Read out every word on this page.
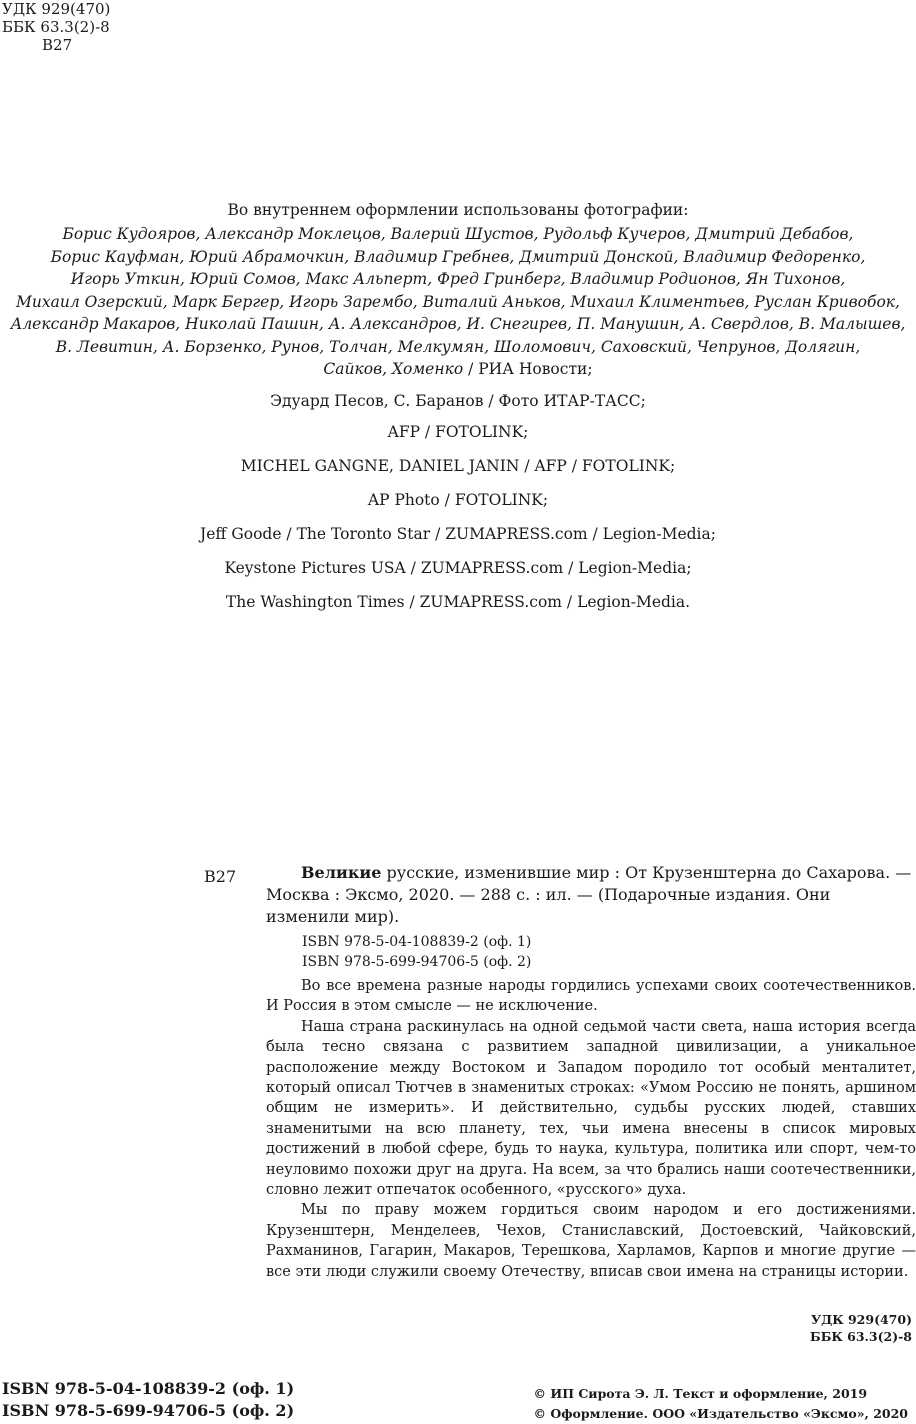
УДК 929(470)
ББК 63.3(2)-8
В27
Во внутреннем оформлении использованы фотографии:
Борис Кудояров, Александр Моклецов, Валерий Шустов, Рудольф Кучеров, Дмитрий Дебабов,
Борис Кауфман, Юрий Абрамочкин, Владимир Гребнев, Дмитрий Донской, Владимир Федоренко,
Игорь Уткин, Юрий Сомов, Макс Альперт, Фред Гринберг, Владимир Родионов, Ян Тихонов,
Михаил Озерский, Марк Бергер, Игорь Зарембо, Виталий Аньков, Михаил Климентьев, Руслан Кривобок,
Александр Макаров, Николай Пашин, А. Александров, И. Снегирев, П. Манушин, А. Свердлов, В. Малышев,
В. Левитин, А. Борзенко, Рунов, Толчан, Мелкумян, Шоломович, Саховский, Чепрунов, Долягин,
Сайков, Хоменко / РИА Новости;
Эдуард Песов, С. Баранов / Фото ИТАР-ТАСС;
AFP / FOTOLINK;
MICHEL GANGNE, DANIEL JANIN / AFP / FOTOLINK;
AP Photo / FOTOLINK;
Jeff Goode / The Toronto Star / ZUMAPRESS.com / Legion-Media;
Keystone Pictures USA / ZUMAPRESS.com / Legion-Media;
The Washington Times / ZUMAPRESS.com / Legion-Media.
В27	Великие русские, изменившие мир : От Крузенштерна до Сахарова. — Москва : Эксмо, 2020. — 288 с. : ил. — (Подарочные издания. Они изменили мир).
ISBN 978-5-04-108839-2 (оф. 1)
ISBN 978-5-699-94706-5 (оф. 2)

Во все времена разные народы гордились успехами своих соотечественников. И Россия в этом смысле — не исключение.

Наша страна раскинулась на одной седьмой части света, наша история всегда была тесно связана с развитием западной цивилизации, а уникальное расположение между Востоком и Западом породило тот особый менталитет, который описал Тютчев в знаменитых строках: «Умом Россию не понять, аршином общим не измерить». И действительно, судьбы русских людей, ставших знаменитыми на всю планету, тех, чьи имена внесены в список мировых достижений в любой сфере, будь то наука, культура, политика или спорт, чем-то неуловимо похожи друг на друга. На всем, за что брались наши соотечественники, словно лежит отпечаток особенного, «русского» духа.

Мы по праву можем гордиться своим народом и его достижениями. Крузенштерн, Менделеев, Чехов, Станиславский, Достоевский, Чайковский, Рахманинов, Гагарин, Макаров, Терешкова, Харламов, Карпов и многие другие — все эти люди служили своему Отечеству, вписав свои имена на страницы истории.

УДК 929(470)
ББК 63.3(2)-8
ISBN 978-5-04-108839-2 (оф. 1)
ISBN 978-5-699-94706-5 (оф. 2)
© ИП Сирота Э. Л. Текст и оформление, 2019
© Оформление. ООО «Издательство «Эксмо», 2020
